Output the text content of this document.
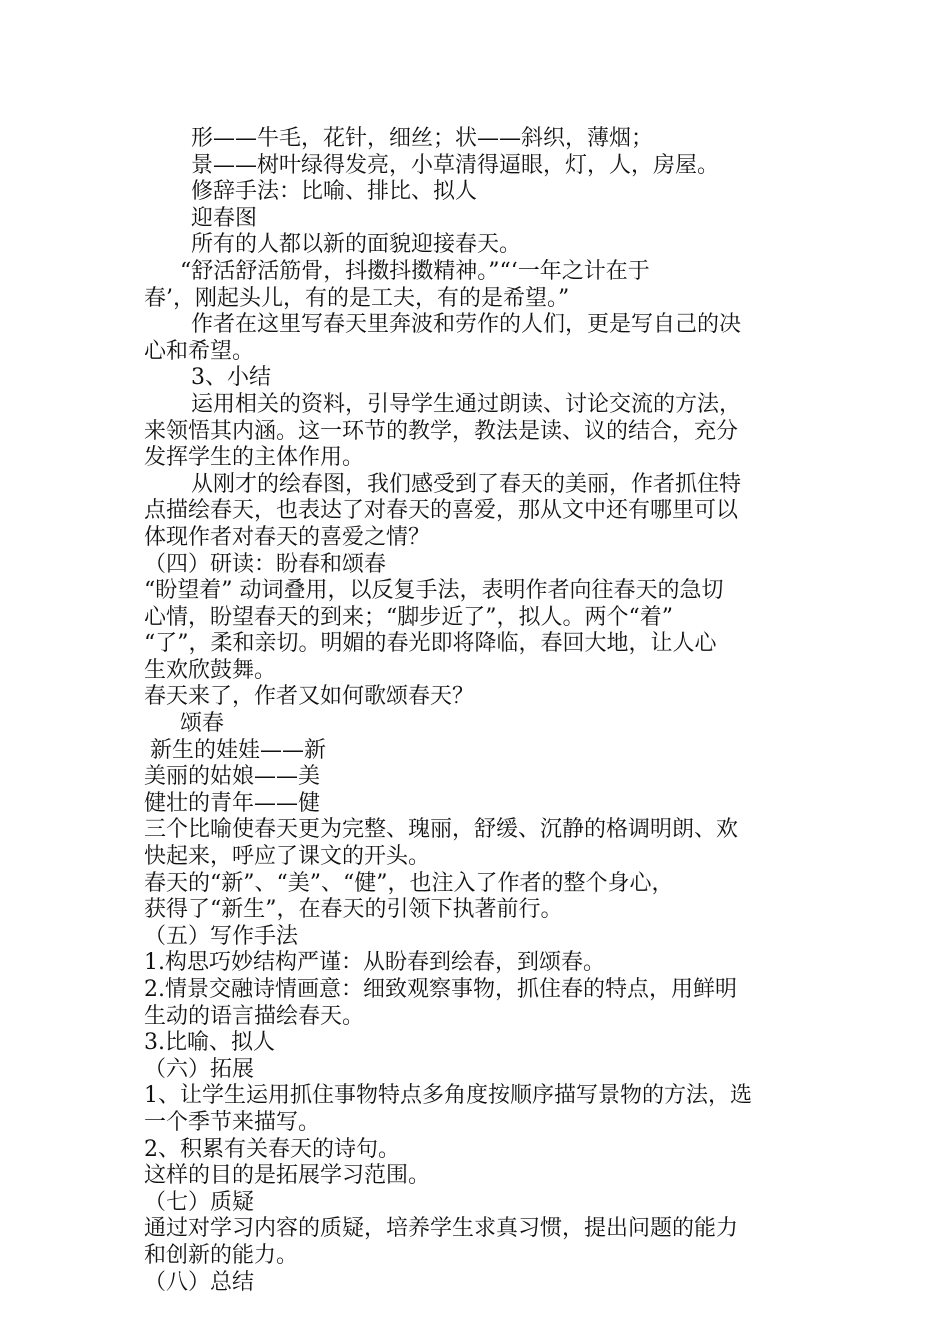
形——牛毛，花针，细丝；状——斜织，薄烟；
景——树叶绿得发亮，小草清得逼眼，灯，人，房屋。
修辞手法：比喻、排比、拟人
迎春图
所有的人都以新的面貌迎接春天。
“舒活舒活筋骨，抖擞抖擞精神。”“‘一年之计在于
春’，刚起头儿，有的是工夫，有的是希望。”
作者在这里写春天里奔波和劳作的人们，更是写自己的决
心和希望。
3、小结
运用相关的资料，引导学生通过朗读、讨论交流的方法，
来领悟其内涵。这一环节的教学，教法是读、议的结合，充分
发挥学生的主体作用。
从刚才的绘春图，我们感受到了春天的美丽，作者抓住特
点描绘春天，也表达了对春天的喜爱，那从文中还有哪里可以
体现作者对春天的喜爱之情？
（四）研读：盼春和颂春
“盼望着” 动词叠用，以反复手法，表明作者向往春天的急切
心情，盼望春天的到来；“脚步近了”，拟人。两个“着”
“了”，柔和亲切。明媚的春光即将降临，春回大地，让人心
生欢欣鼓舞。
春天来了，作者又如何歌颂春天？
颂春
新生的娃娃——新
美丽的姑娘——美
健壮的青年——健
三个比喻使春天更为完整、瑰丽，舒缓、沉静的格调明朗、欢
快起来，呼应了课文的开头。
春天的“新”、“美”、“健”，也注入了作者的整个身心，
获得了“新生”，在春天的引领下执著前行。
（五）写作手法
1.构思巧妙结构严谨：从盼春到绘春，到颂春。
2.情景交融诗情画意：细致观察事物，抓住春的特点，用鲜明
生动的语言描绘春天。
3.比喻、拟人
（六）拓展
1、让学生运用抓住事物特点多角度按顺序描写景物的方法，选
一个季节来描写。
2、积累有关春天的诗句。
这样的目的是拓展学习范围。
（七）质疑
通过对学习内容的质疑，培养学生求真习惯，提出问题的能力
和创新的能力。
（八）总结
